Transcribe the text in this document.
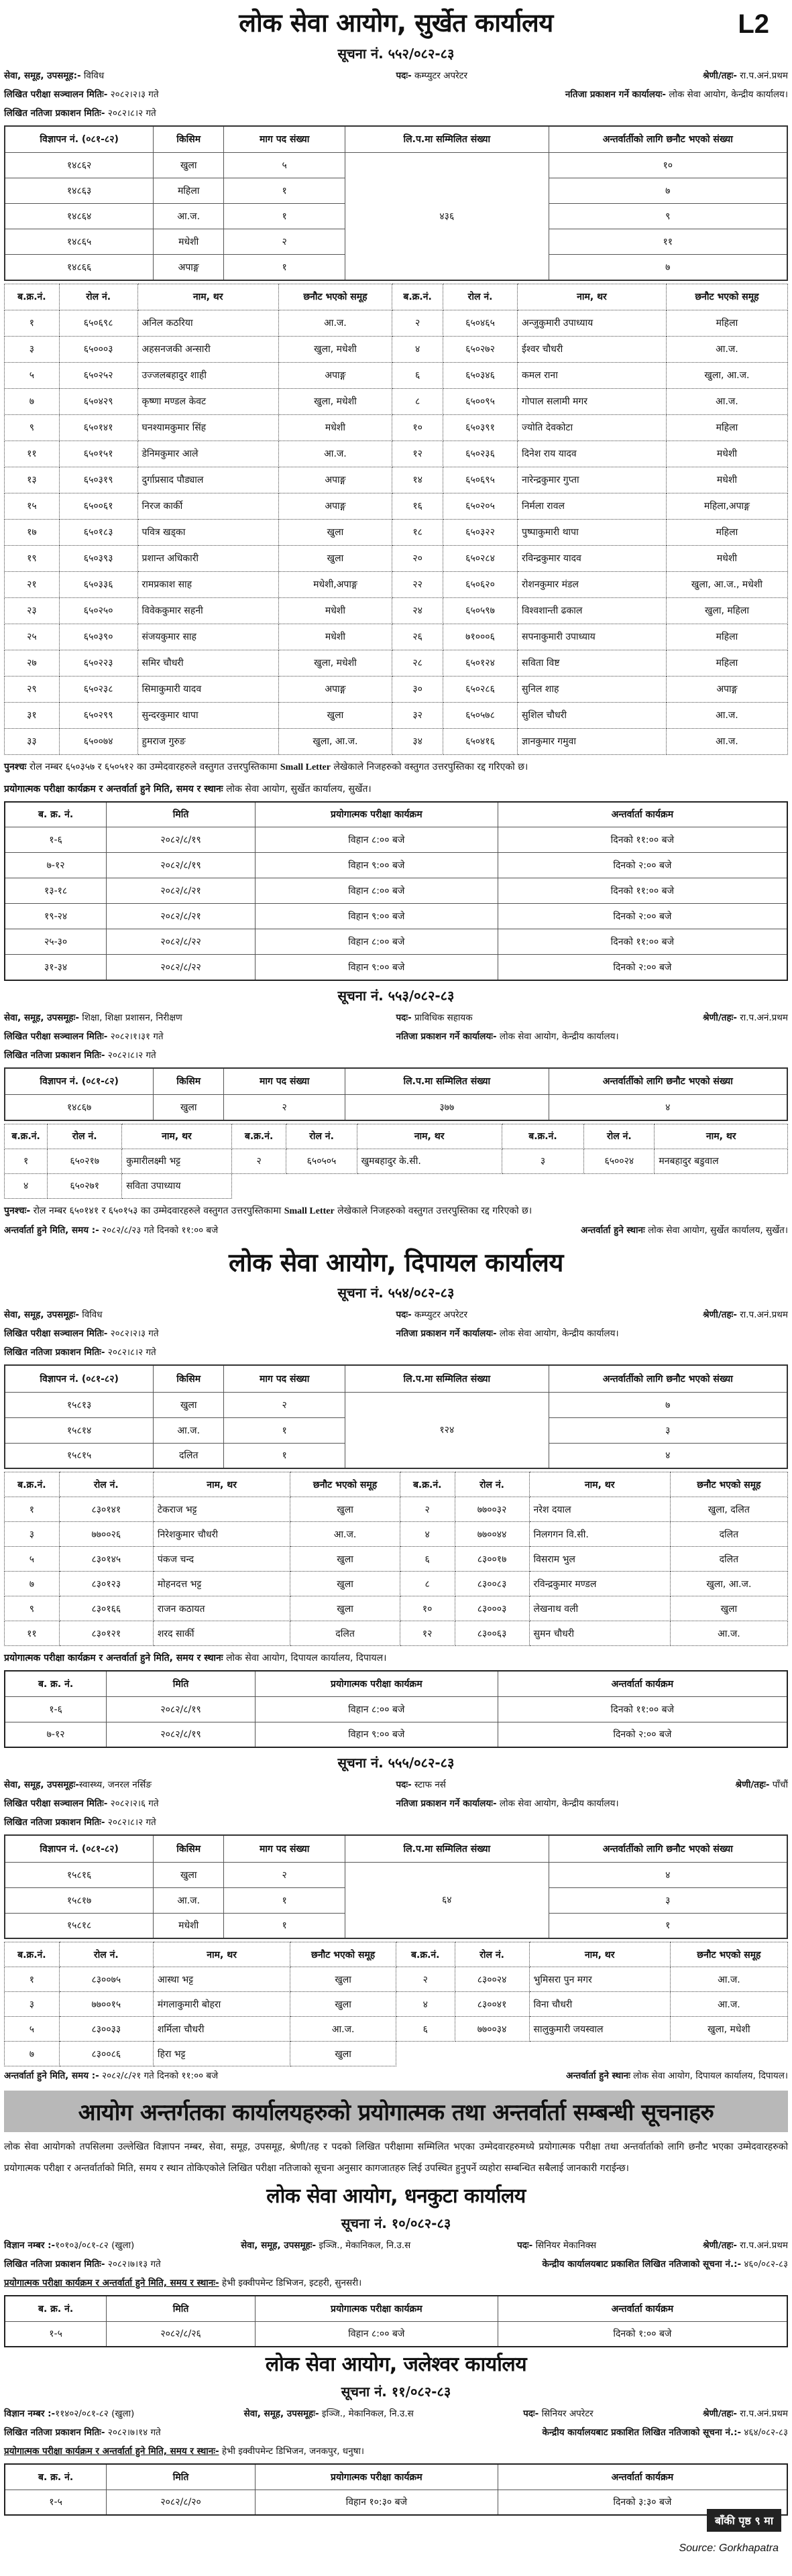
लोक सेवा आयोग, सुर्खेत कार्यालय	L2
सूचना नं. ५५२/०८२-८३
सेवा, समूह, उपसमूह:- विविध	पदः- कम्प्युटर अपरेटर	श्रेणी/तहः- रा.प.अनं.प्रथम
लिखित परीक्षा सञ्चालन मितिः- २०८२।२।३ गते	नतिजा प्रकाशन गर्ने कार्यालयः- लोक सेवा आयोग, केन्द्रीय कार्यालय।
लिखित नतिजा प्रकाशन मितिः- २०८२।८।२ गते
विज्ञापन नं. (०८१-८२)	किसिम	माग पद संख्या	लि.प.मा सम्मिलित संख्या	अन्तर्वार्तीको लागि छनौट भएको संख्या
१४८६२	खुला	५	४३६	१०
१४८६३	महिला	१		७
१४८६४	आ.ज.	१		९
१४८६५	मधेशी	२		११
१४८६६	अपाङ्ग	१		७
ब.क्र.नं.	रोल नं.	नाम, थर	छनौट भएको समूह	ब.क्र.नं.	रोल नं.	नाम, थर	छनौट भएको समूह
१	६५०६९८	अनिल कठरिया	आ.ज.	२	६५०४६५	अन्जुकुमारी उपाध्याय	महिला
३	६५०००३	अहसनजकी अन्सारी	खुला, मधेशी	४	६५०२७२	ईश्वर चौधरी	आ.ज.
५	६५०२५२	उज्जलबहादुर शाही	अपाङ्ग	६	६५०३४६	कमल राना	खुला, आ.ज.
७	६५०४२९	कृष्णा मण्डल केवट	खुला, मधेशी	८	६५००९५	गोपाल सलामी मगर	आ.ज.
९	६५०१४१	घनश्यामकुमार सिंह	मधेशी	१०	६५०३९१	ज्योति देवकोटा	महिला
११	६५०१५१	डेनिमकुमार आले	आ.ज.	१२	६५०२३६	दिनेश राय यादव	मधेशी
१३	६५०३१९	दुर्गाप्रसाद पौड्याल	अपाङ्ग	१४	६५०६९५	नारेन्द्रकुमार गुप्ता	मधेशी
१५	६५००६१	निरज कार्की	अपाङ्ग	१६	६५०२०५	निर्मला रावल	महिला,अपाङ्ग
१७	६५०१८३	पवित्र खड्का	खुला	१८	६५०३२२	पुष्पाकुमारी थापा	महिला
१९	६५०३९३	प्रशान्त अधिकारी	खुला	२०	६५०२८४	रविन्द्रकुमार यादव	मधेशी
२१	६५०३३६	रामप्रकाश साह	मधेशी,अपाङ्ग	२२	६५०६२०	रोशनकुमार मंडल	खुला, आ.ज., मधेशी
२३	६५०२५०	विवेककुमार सहनी	मधेशी	२४	६५०५९७	विश्वशान्ती ढकाल	खुला, महिला
२५	६५०३९०	संजयकुमार साह	मधेशी	२६	७१०००६	सपनाकुमारी उपाध्याय	महिला
२७	६५०२२३	समिर चौधरी	खुला, मधेशी	२८	६५०१२४	सविता विष्ट	महिला
२९	६५०२३८	सिमाकुमारी यादव	अपाङ्ग	३०	६५०२८६	सुनिल शाह	अपाङ्ग
३१	६५०२९९	सुन्दरकुमार थापा	खुला	३२	६५०५७८	सुशिल चौधरी	आ.ज.
३३	६५००७४	हुमराज गुरुङ	खुला, आ.ज.	३४	६५०४१६	ज्ञानकुमार गमुवा	आ.ज.
पुनश्चः रोल नम्बर ६५०३५७ र ६५०५१२ का उम्मेदवारहरुले वस्तुगत उत्तरपुस्तिकामा Small Letter लेखेकाले निजहरुको वस्तुगत उत्तरपुस्तिका रद्द गरिएको छ।
प्रयोगात्मक परीक्षा कार्यक्रम र अन्तर्वार्ता हुने मिति, समय र स्थानः लोक सेवा आयोग, सुर्खेत कार्यालय, सुर्खेत।
ब. क्र. नं.	मिति	प्रयोगात्मक परीक्षा कार्यक्रम	अन्तर्वार्ता कार्यक्रम
१-६	२०८२/८/१९	विहान ८:०० बजे	दिनको ११:०० बजे
७-१२	२०८२/८/१९	विहान ९:०० बजे	दिनको २:०० बजे
१३-१८	२०८२/८/२१	विहान ८:०० बजे	दिनको ११:०० बजे
१९-२४	२०८२/८/२१	विहान ९:०० बजे	दिनको २:०० बजे
२५-३०	२०८२/८/२२	विहान ८:०० बजे	दिनको ११:०० बजे
३१-३४	२०८२/८/२२	विहान ९:०० बजे	दिनको २:०० बजे
सूचना नं. ५५३/०८२-८३
सेवा, समूह, उपसमूहः- शिक्षा, शिक्षा प्रशासन, निरीक्षण	पदः- प्राविधिक सहायक	श्रेणी/तहः- रा.प.अनं.प्रथम
लिखित परीक्षा सञ्चालन मितिः- २०८२।१।३१ गते	नतिजा प्रकाशन गर्ने कार्यालयः- लोक सेवा आयोग, केन्द्रीय कार्यालय।
लिखित नतिजा प्रकाशन मितिः- २०८२।८।२ गते
विज्ञापन नं. (०८१-८२)	किसिम	माग पद संख्या	लि.प.मा सम्मिलित संख्या	अन्तर्वार्तीको लागि छनौट भएको संख्या
१४८६७	खुला	२	३७७	४
ब.क्र.नं.	रोल नं.	नाम, थर	ब.क्र.नं.	रोल नं.	नाम, थर	ब.क्र.नं.	रोल नं.	नाम, थर
१	६५०२१७	कुमारीलक्ष्मी भट्ट	२	६५०५०५	खुमबहादुर के.सी.	३	६५००२४	मनबहादुर बडुवाल
४	६५०२७१	सविता उपाध्याय						
पुनश्चः- रोल नम्बर ६५०१४१ र ६५०१५३ का उम्मेदवारहरुले वस्तुगत उत्तरपुस्तिकामा Small Letter लेखेकाले निजहरुको वस्तुगत उत्तरपुस्तिका रद्द गरिएको छ।
अन्तर्वार्ता हुने मिति, समय :- २०८२/८/२३ गते दिनको ११:०० बजे	अन्तर्वार्ता हुने स्थानः लोक सेवा आयोग, सुर्खेत कार्यालय, सुर्खेत।
लोक सेवा आयोग, दिपायल कार्यालय
सूचना नं. ५५४/०८२-८३
सेवा, समूह, उपसमूहः- विविध	पदः- कम्प्युटर अपरेटर	श्रेणी/तहः- रा.प.अनं.प्रथम
लिखित परीक्षा सञ्चालन मितिः- २०८२।२।३ गते	नतिजा प्रकाशन गर्ने कार्यालयः- लोक सेवा आयोग, केन्द्रीय कार्यालय।
लिखित नतिजा प्रकाशन मितिः- २०८२।८।२ गते
विज्ञापन नं. (०८१-८२)	किसिम	माग पद संख्या	लि.प.मा सम्मिलित संख्या	अन्तर्वार्तीको लागि छनौट भएको संख्या
१५८१३	खुला	२	१२४	७
१५८१४	आ.ज.	१		३
१५८१५	दलित	१		४
ब.क्र.नं.	रोल नं.	नाम, थर	छनौट भएको समूह	ब.क्र.नं.	रोल नं.	नाम, थर	छनौट भएको समूह
१	८३०१४१	टेकराज भट्ट	खुला	२	७७००३२	नरेश दयाल	खुला, दलित
३	७७००२६	निरेशकुमार चौधरी	आ.ज.	४	७७००४४	निलगगन वि.सी.	दलित
५	८३०१४५	पंकज चन्द	खुला	६	८३००१७	विसराम भुल	दलित
७	८३०१२३	मोहनदत्त भट्ट	खुला	८	८३००८३	रविन्द्रकुमार मण्डल	खुला, आ.ज.
९	८३०१६६	राजन कठायत	खुला	१०	८३०००३	लेखनाथ वली	खुला
११	८३०१२१	शरद सार्की	दलित	१२	८३००६३	सुमन चौधरी	आ.ज.
प्रयोगात्मक परीक्षा कार्यक्रम र अन्तर्वार्ता हुने मिति, समय र स्थानः लोक सेवा आयोग, दिपायल कार्यालय, दिपायल।
ब. क्र. नं.	मिति	प्रयोगात्मक परीक्षा कार्यक्रम	अन्तर्वार्ता कार्यक्रम
१-६	२०८२/८/१९	विहान ८:०० बजे	दिनको ११:०० बजे
७-१२	२०८२/८/१९	विहान ९:०० बजे	दिनको २:०० बजे
सूचना नं. ५५५/०८२-८३
सेवा, समूह, उपसमूहः-स्वास्थ्य, जनरल नर्सिङ	पदः- स्टाफ नर्स	श्रेणी/तहः- पाँचौं
लिखित परीक्षा सञ्चालन मितिः- २०८२।२।६ गते	नतिजा प्रकाशन गर्ने कार्यालयः- लोक सेवा आयोग, केन्द्रीय कार्यालय।
लिखित नतिजा प्रकाशन मितिः- २०८२।८।२ गते
विज्ञापन नं. (०८१-८२)	किसिम	माग पद संख्या	लि.प.मा सम्मिलित संख्या	अन्तर्वार्तीको लागि छनौट भएको संख्या
१५८१६	खुला	२	६४	४
१५८१७	आ.ज.	१		३
१५८१८	मधेशी	१		१
ब.क्र.नं.	रोल नं.	नाम, थर	छनौट भएको समूह	ब.क्र.नं.	रोल नं.	नाम, थर	छनौट भएको समूह
१	८३००७५	आस्था भट्ट	खुला	२	८३००२४	भुमिसरा पुन मगर	आ.ज.
३	७७००१५	मंगलाकुमारी बोहरा	खुला	४	८३००४१	विना चौधरी	आ.ज.
५	८३००३३	शर्मिला चौधरी	आ.ज.	६	७७००३४	सालुकुमारी जयस्वाल	खुला, मधेशी
७	८३००८६	हिरा भट्ट	खुला				
अन्तर्वार्ता हुने मिति, समय :- २०८२/८/२१ गते दिनको ११:०० बजे	अन्तर्वार्ता हुने स्थानः लोक सेवा आयोग, दिपायल कार्यालय, दिपायल।
आयोग अन्तर्गतका कार्यालयहरुको प्रयोगात्मक तथा अन्तर्वार्ता सम्बन्धी सूचनाहरु

लोक सेवा आयोगको तपसिलमा उल्लेखित विज्ञापन नम्बर, सेवा, समूह, उपसमूह, श्रेणी/तह र पदको लिखित परीक्षामा सम्मिलित भएका उम्मेदवारहरुमध्ये प्रयोगात्मक परीक्षा तथा अन्तर्वार्ताको लागि छनौट भएका उम्मेदवारहरुको प्रयोगात्मक परीक्षा र अन्तर्वार्ताको मिति, समय र स्थान तोकिएकोले लिखित परीक्षा नतिजाको सूचना अनुसार कागजातहरु लिई उपस्थित हुनुपर्ने व्यहोरा सम्बन्धित सबैलाई जानकारी गराईन्छ।

लोक सेवा आयोग, धनकुटा कार्यालय
सूचना नं. १०/०८२-८३
विज्ञान नम्बर :-१०१०३/०८१-८२ (खुला)	सेवा, समूह, उपसमूहः- इञ्जि., मेकानिकल, नि.उ.स	पदः- सिनियर मेकानिक्स	श्रेणी/तहः- रा.प.अनं.प्रथम
लिखित नतिजा प्रकाशन मितिः- २०८२।७।१३ गते	केन्द्रीय कार्यालयबाट प्रकाशित लिखित नतिजाको सूचना नं.:- ४६०/०८२-८३
प्रयोगात्मक परीक्षा कार्यक्रम र अन्तर्वार्ता हुने मिति, समय र स्थानः- हेभी इक्वीपमेन्ट डिभिजन, इटहरी, सुनसरी।
ब. क्र. नं.	मिति	प्रयोगात्मक परीक्षा कार्यक्रम	अन्तर्वार्ता कार्यक्रम
१-५	२०८२/८/२६	विहान ८:०० बजे	दिनको १:०० बजे
लोक सेवा आयोग, जलेश्वर कार्यालय
सूचना नं. ११/०८२-८३
विज्ञान नम्बर :-११४०२/०८१-८२ (खुला)	सेवा, समूह, उपसमूहः- इञ्जि., मेकानिकल, नि.उ.स	पदः- सिनियर अपरेटर	श्रेणी/तहः- रा.प.अनं.प्रथम
लिखित नतिजा प्रकाशन मितिः- २०८२।७।१४ गते	केन्द्रीय कार्यालयबाट प्रकाशित लिखित नतिजाको सूचना नं.:- ४६४/०८२-८३
प्रयोगात्मक परीक्षा कार्यक्रम र अन्तर्वार्ता हुने मिति, समय र स्थानः- हेभी इक्वीपमेन्ट डिभिजन, जनकपुर, धनुषा।
ब. क्र. नं.	मिति	प्रयोगात्मक परीक्षा कार्यक्रम	अन्तर्वार्ता कार्यक्रम
१-५	२०८२/८/२०	विहान १०:३० बजे	दिनको ३:३० बजे
बाँकी पृष्ठ ९ मा
Source: Gorkhapatra
